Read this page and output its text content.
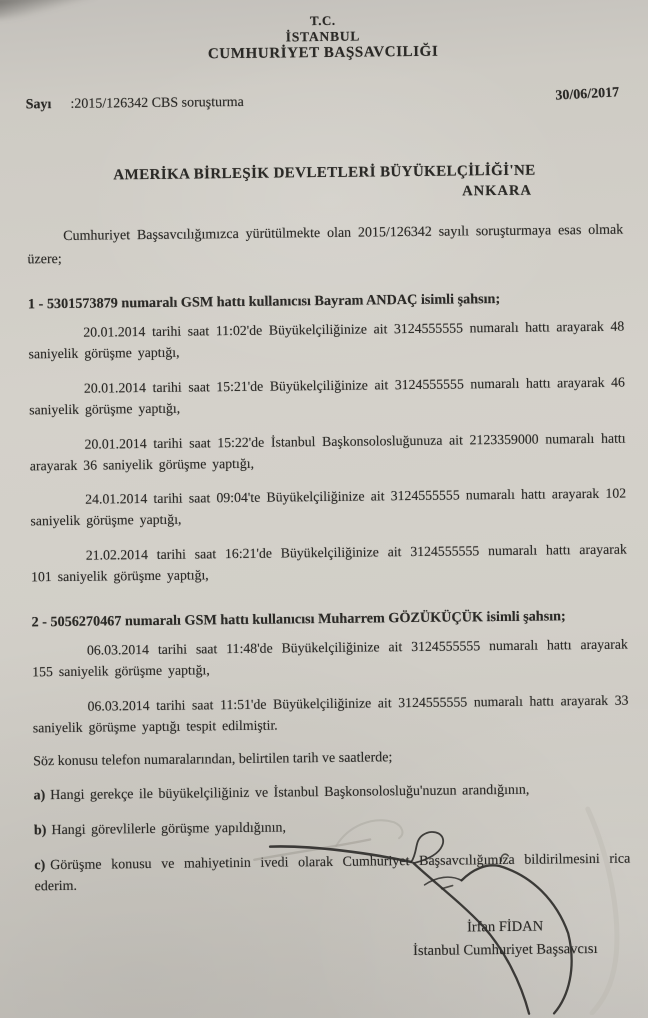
T.C.
İSTANBUL
CUMHURİYET BAŞSAVCILIĞI
Sayı :2015/126342 CBS soruşturma	30/06/2017
AMERİKA BİRLEŞİK DEVLETLERİ BÜYÜKELÇİLİĞİ'NE
ANKARA

Cumhuriyet Başsavcılığımızca yürütülmekte olan 2015/126342 sayılı soruşturmaya esas olmak üzere;

1 - 5301573879 numaralı GSM hattı kullanıcısı Bayram ANDAÇ isimli şahsın;

20.01.2014 tarihi saat 11:02'de Büyükelçiliğinize ait 3124555555 numaralı hattı arayarak 48 saniyelik görüşme yaptığı,

20.01.2014 tarihi saat 15:21'de Büyükelçiliğinize ait 3124555555 numaralı hattı arayarak 46 saniyelik görüşme yaptığı,

20.01.2014 tarihi saat 15:22'de İstanbul Başkonsolosluğunuza ait 2123359000 numaralı hattı arayarak 36 saniyelik görüşme yaptığı,

24.01.2014 tarihi saat 09:04'te Büyükelçiliğinize ait 3124555555 numaralı hattı arayarak 102 saniyelik görüşme yaptığı,

21.02.2014 tarihi saat 16:21'de Büyükelçiliğinize ait 3124555555 numaralı hattı arayarak 101 saniyelik görüşme yaptığı,

2 - 5056270467 numaralı GSM hattı kullanıcısı Muharrem GÖZÜKÜÇÜK isimli şahsın;

06.03.2014 tarihi saat 11:48'de Büyükelçiliğinize ait 3124555555 numaralı hattı arayarak 155 saniyelik görüşme yaptığı,

06.03.2014 tarihi saat 11:51'de Büyükelçiliğinize ait 3124555555 numaralı hattı arayarak 33 saniyelik görüşme yaptığı tespit edilmiştir.

Söz konusu telefon numaralarından, belirtilen tarih ve saatlerde;

a) Hangi gerekçe ile büyükelçiliğiniz ve İstanbul Başkonsolosluğu'nuzun arandığının,

b) Hangi görevlilerle görüşme yapıldığının,

c) Görüşme konusu ve mahiyetinin ivedi olarak Cumhuriyet Başsavcılığımıza bildirilmesini rica ederim.

İrfan FİDAN
İstanbul Cumhuriyet Başsavcısı
